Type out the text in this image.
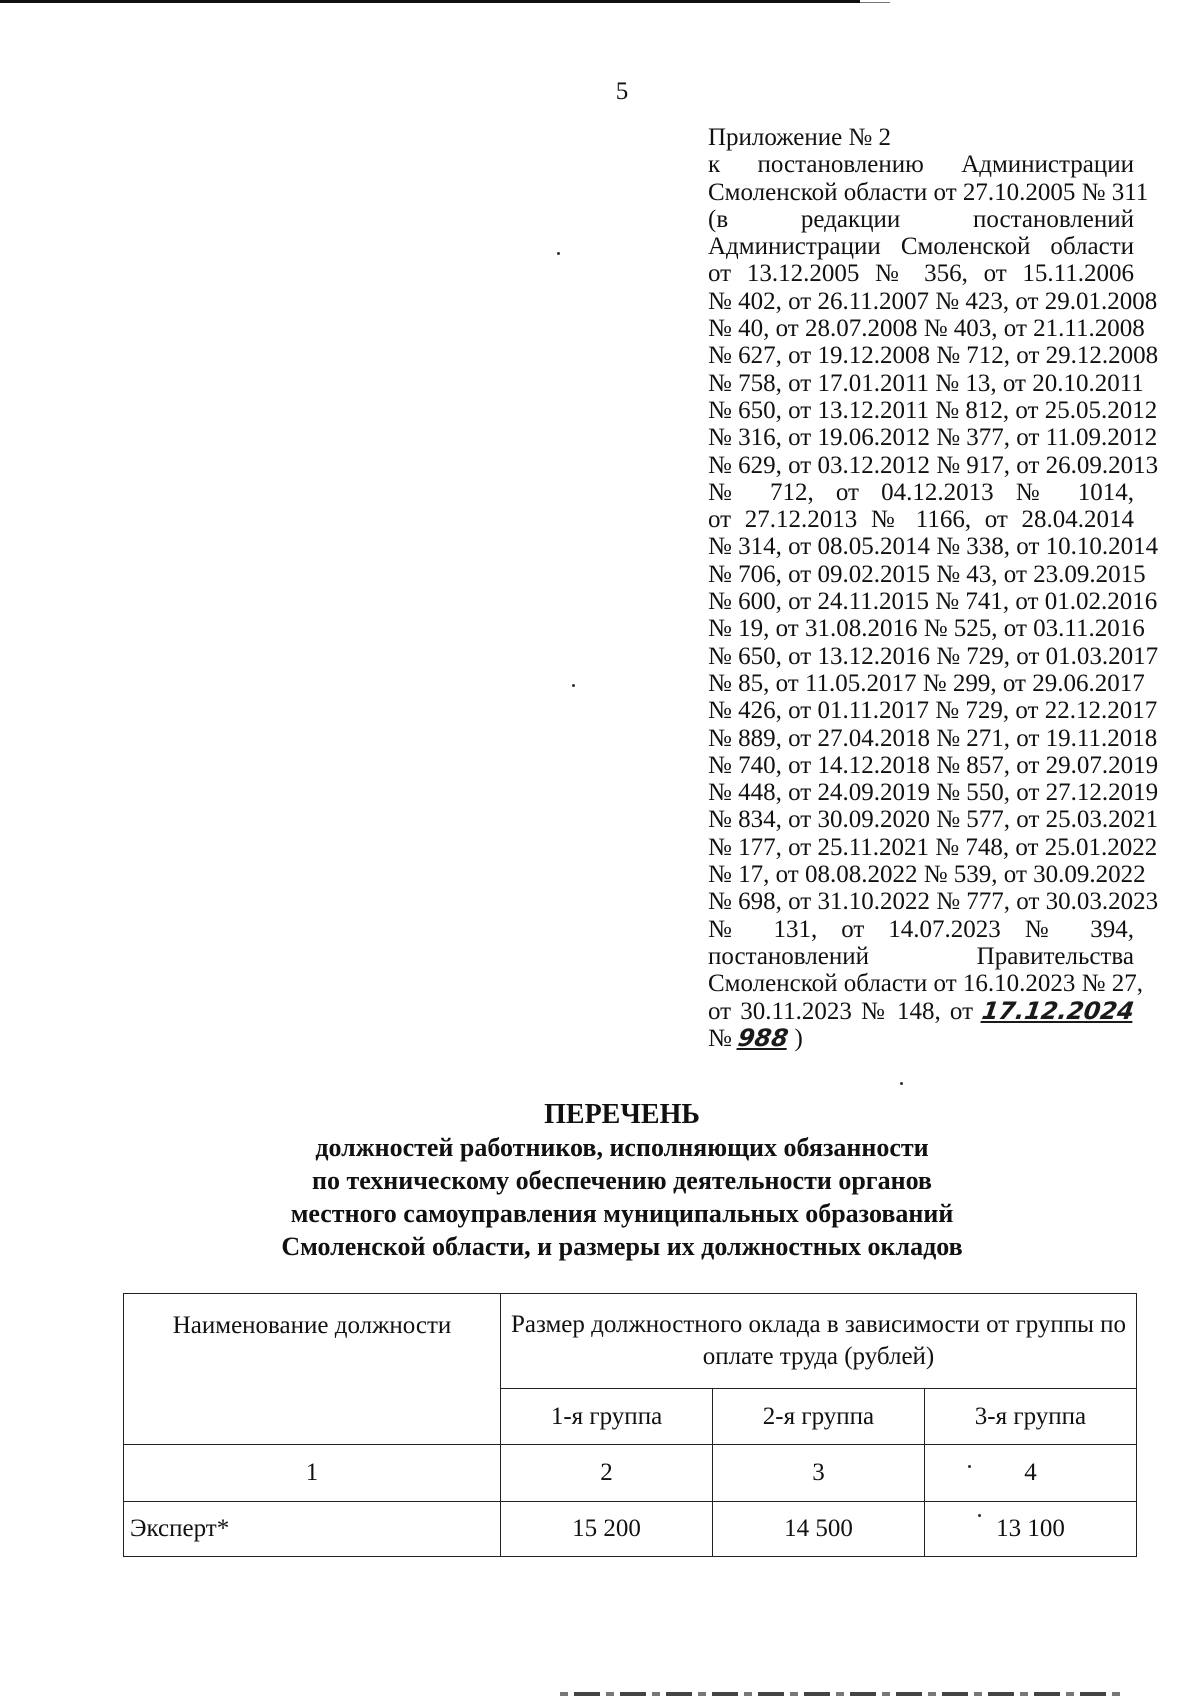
5
Приложение № 2
к постановлению Администрации
Смоленской области от 27.10.2005 № 311
(в редакции постановлений
Администрации Смоленской области
от 13.12.2005 № 356, от 15.11.2006
№ 402, от 26.11.2007 № 423, от 29.01.2008
№ 40, от 28.07.2008 № 403, от 21.11.2008
№ 627, от 19.12.2008 № 712, от 29.12.2008
№ 758, от 17.01.2011 № 13, от 20.10.2011
№ 650, от 13.12.2011 № 812, от 25.05.2012
№ 316, от 19.06.2012 № 377, от 11.09.2012
№ 629, от 03.12.2012 № 917, от 26.09.2013
№ 712, от 04.12.2013 № 1014,
от 27.12.2013 № 1166, от 28.04.2014
№ 314, от 08.05.2014 № 338, от 10.10.2014
№ 706, от 09.02.2015 № 43, от 23.09.2015
№ 600, от 24.11.2015 № 741, от 01.02.2016
№ 19, от 31.08.2016 № 525, от 03.11.2016
№ 650, от 13.12.2016 № 729, от 01.03.2017
№ 85, от 11.05.2017 № 299, от 29.06.2017
№ 426, от 01.11.2017 № 729, от 22.12.2017
№ 889, от 27.04.2018 № 271, от 19.11.2018
№ 740, от 14.12.2018 № 857, от 29.07.2019
№ 448, от 24.09.2019 № 550, от 27.12.2019
№ 834, от 30.09.2020 № 577, от 25.03.2021
№ 177, от 25.11.2021 № 748, от 25.01.2022
№ 17, от 08.08.2022 № 539, от 30.09.2022
№ 698, от 31.10.2022 № 777, от 30.03.2023
№ 131, от 14.07.2023 № 394,
постановлений Правительства
Смоленской области от 16.10.2023 № 27,
от 30.11.2023 № 148, от 17.12.2024
№ 988 )
ПЕРЕЧЕНЬ
должностей работников, исполняющих обязанности
по техническому обеспечению деятельности органов
местного самоуправления муниципальных образований
Смоленской области, и размеры их должностных окладов
Наименование должности	Размер должностного оклада в зависимости от группы по оплате труда (рублей)		
	1-я группа	2-я группа	3-я группа
1	2	3	4
Эксперт*	15 200	14 500	13 100
